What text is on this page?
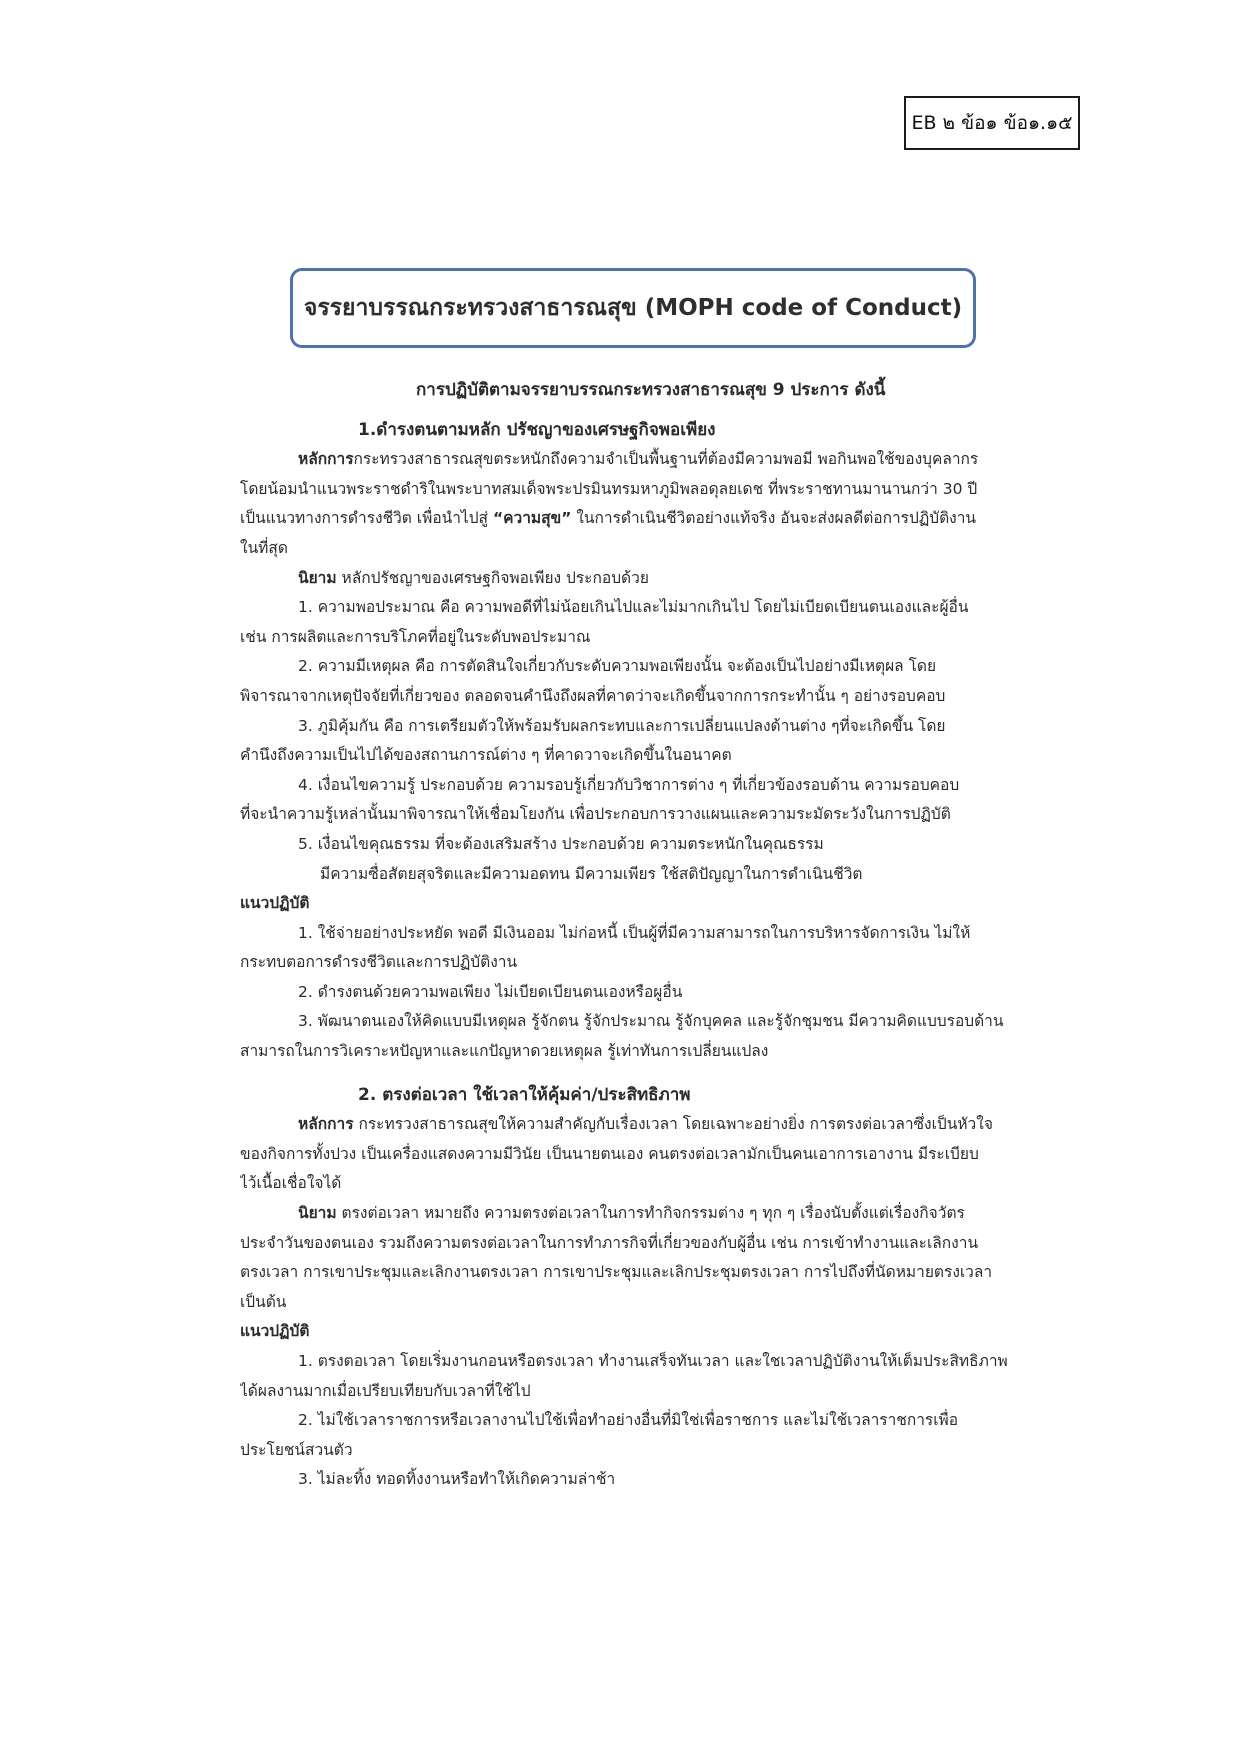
EB ๒ ข้อ๑ ข้อ๑.๑๕
จรรยาบรรณกระทรวงสาธารณสุข (MOPH code of Conduct)
การปฏิบัติตามจรรยาบรรณกระทรวงสาธารณสุข 9 ประการ ดังนี้
1.ดำรงตนตามหลัก ปรัชญาของเศรษฐกิจพอเพียง
หลักการกระทรวงสาธารณสุขตระหนักถึงความจำเป็นพื้นฐานที่ต้องมีความพอมี พอกินพอใช้ของบุคลากร
โดยน้อมนำแนวพระราชดำริในพระบาทสมเด็จพระปรมินทรมหาภูมิพลอดุลยเดช ที่พระราชทานมานานกว่า 30 ปี
เป็นแนวทางการดำรงชีวิต เพื่อนำไปสู่ “ความสุข” ในการดำเนินชีวิตอย่างแท้จริง อันจะส่งผลดีต่อการปฏิบัติงาน
ในที่สุด
นิยาม หลักปรัชญาของเศรษฐกิจพอเพียง ประกอบด้วย
1. ความพอประมาณ คือ ความพอดีที่ไม่น้อยเกินไปและไม่มากเกินไป โดยไม่เบียดเบียนตนเองและผู้อื่น
เช่น การผลิตและการบริโภคที่อยู่ในระดับพอประมาณ
2. ความมีเหตุผล คือ การตัดสินใจเกี่ยวกับระดับความพอเพียงนั้น จะต้องเป็นไปอย่างมีเหตุผล โดย
พิจารณาจากเหตุปัจจัยที่เกี่ยวของ ตลอดจนคำนึงถึงผลที่คาดว่าจะเกิดขึ้นจากการกระทำนั้น ๆ อย่างรอบคอบ
3. ภูมิคุ้มกัน คือ การเตรียมตัวให้พร้อมรับผลกระทบและการเปลี่ยนแปลงด้านต่าง ๆที่จะเกิดขึ้น โดย
คำนึงถึงความเป็นไปได้ของสถานการณ์ต่าง ๆ ที่คาดวาจะเกิดขึ้นในอนาคต
4. เงื่อนไขความรู้ ประกอบด้วย ความรอบรู้เกี่ยวกับวิชาการต่าง ๆ ที่เกี่ยวข้องรอบด้าน ความรอบคอบ
ที่จะนำความรู้เหล่านั้นมาพิจารณาให้เชื่อมโยงกัน เพื่อประกอบการวางแผนและความระมัดระวังในการปฏิบัติ
5. เงื่อนไขคุณธรรม ที่จะต้องเสริมสร้าง ประกอบด้วย ความตระหนักในคุณธรรม
มีความซื่อสัตยสุจริตและมีความอดทน มีความเพียร ใช้สติปัญญาในการดำเนินชีวิต
แนวปฏิบัติ
1. ใช้จ่ายอย่างประหยัด พอดี มีเงินออม ไม่ก่อหนี้ เป็นผู้ที่มีความสามารถในการบริหารจัดการเงิน ไม่ให้
กระทบตอการดำรงชีวิตและการปฏิบัติงาน
2. ดำรงตนด้วยความพอเพียง ไม่เบียดเบียนตนเองหรือผูอื่น
3. พัฒนาตนเองให้คิดแบบมีเหตุผล รู้จักตน รู้จักประมาณ รู้จักบุคคล และรู้จักชุมชน มีความคิดแบบรอบด้าน
สามารถในการวิเคราะหปัญหาและแกปัญหาดวยเหตุผล รู้เท่าทันการเปลี่ยนแปลง
2. ตรงต่อเวลา ใช้เวลาให้คุ้มค่า/ประสิทธิภาพ
หลักการ กระทรวงสาธารณสุขให้ความสำคัญกับเรื่องเวลา โดยเฉพาะอย่างยิ่ง การตรงต่อเวลาซึ่งเป็นหัวใจ
ของกิจการทั้งปวง เป็นเครื่องแสดงความมีวินัย เป็นนายตนเอง คนตรงต่อเวลามักเป็นคนเอาการเอางาน มีระเบียบ
ไว้เนื้อเชื่อใจได้
นิยาม ตรงต่อเวลา หมายถึง ความตรงต่อเวลาในการทำกิจกรรมต่าง ๆ ทุก ๆ เรื่องนับตั้งแต่เรื่องกิจวัตร
ประจำวันของตนเอง รวมถึงความตรงต่อเวลาในการทำภารกิจที่เกี่ยวของกับผู้อื่น เช่น การเข้าทำงานและเลิกงาน
ตรงเวลา การเขาประชุมและเลิกงานตรงเวลา การเขาประชุมและเลิกประชุมตรงเวลา การไปถึงที่นัดหมายตรงเวลา
เป็นต้น
แนวปฏิบัติ
1. ตรงตอเวลา โดยเริ่มงานกอนหรือตรงเวลา ทำงานเสร็จทันเวลา และใชเวลาปฏิบัติงานให้เต็มประสิทธิภาพ
ได้ผลงานมากเมื่อเปรียบเทียบกับเวลาที่ใช้ไป
2. ไม่ใช้เวลาราชการหรือเวลางานไปใช้เพื่อทำอย่างอื่นที่มิใช่เพื่อราชการ และไม่ใช้เวลาราชการเพื่อ
ประโยชน์สวนตัว
3. ไม่ละทิ้ง ทอดทิ้งงานหรือทำให้เกิดความล่าช้า
